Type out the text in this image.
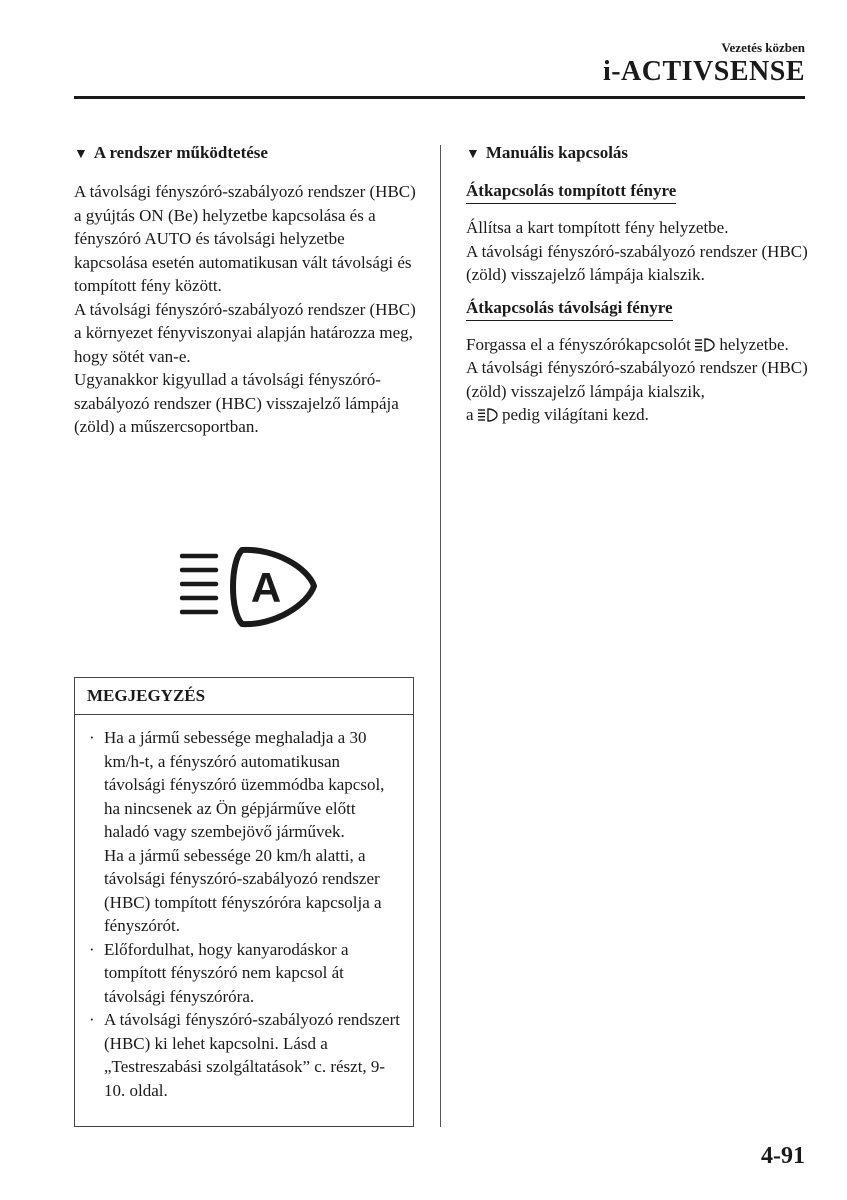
Vezetés közben
i-ACTIVSENSE
▼ A rendszer működtetése

A távolsági fényszóró-szabályozó rendszer (HBC) a gyújtás ON (Be) helyzetbe kapcsolása és a fényszóró AUTO és távolsági helyzetbe kapcsolása esetén automatikusan vált távolsági és tompított fény között.

A távolsági fényszóró-szabályozó rendszer (HBC) a környezet fényviszonyai alapján határozza meg, hogy sötét van-e.

Ugyanakkor kigyullad a távolsági fényszóró-szabályozó rendszer (HBC) visszajelző lámpája (zöld) a műszercsoportban.

A
MEGJEGYZÉS
· Ha a jármű sebessége meghaladja a 30 km/h-t, a fényszóró automatikusan távolsági fényszóró üzemmódba kapcsol, ha nincsenek az Ön gépjárműve előtt haladó vagy szembejövő járművek.

Ha a jármű sebessége 20 km/h alatti, a távolsági fényszóró-szabályozó rendszer (HBC) tompított fényszóróra kapcsolja a fényszórót.

· Előfordulhat, hogy kanyarodáskor a tompított fényszóró nem kapcsol át távolsági fényszóróra.

· A távolsági fényszóró-szabályozó rendszert (HBC) ki lehet kapcsolni. Lásd a „Testreszabási szolgáltatások” c. részt, 9-10. oldal.

▼ Manuális kapcsolás
Átkapcsolás tompított fényre

Állítsa a kart tompított fény helyzetbe.

A távolsági fényszóró-szabályozó rendszer (HBC) (zöld) visszajelző lámpája kialszik.

Átkapcsolás távolsági fényre

Forgassa el a fényszórókapcsolót helyzetbe.

A távolsági fényszóró-szabályozó rendszer (HBC) (zöld) visszajelző lámpája kialszik,

a pedig világítani kezd.

4-91
